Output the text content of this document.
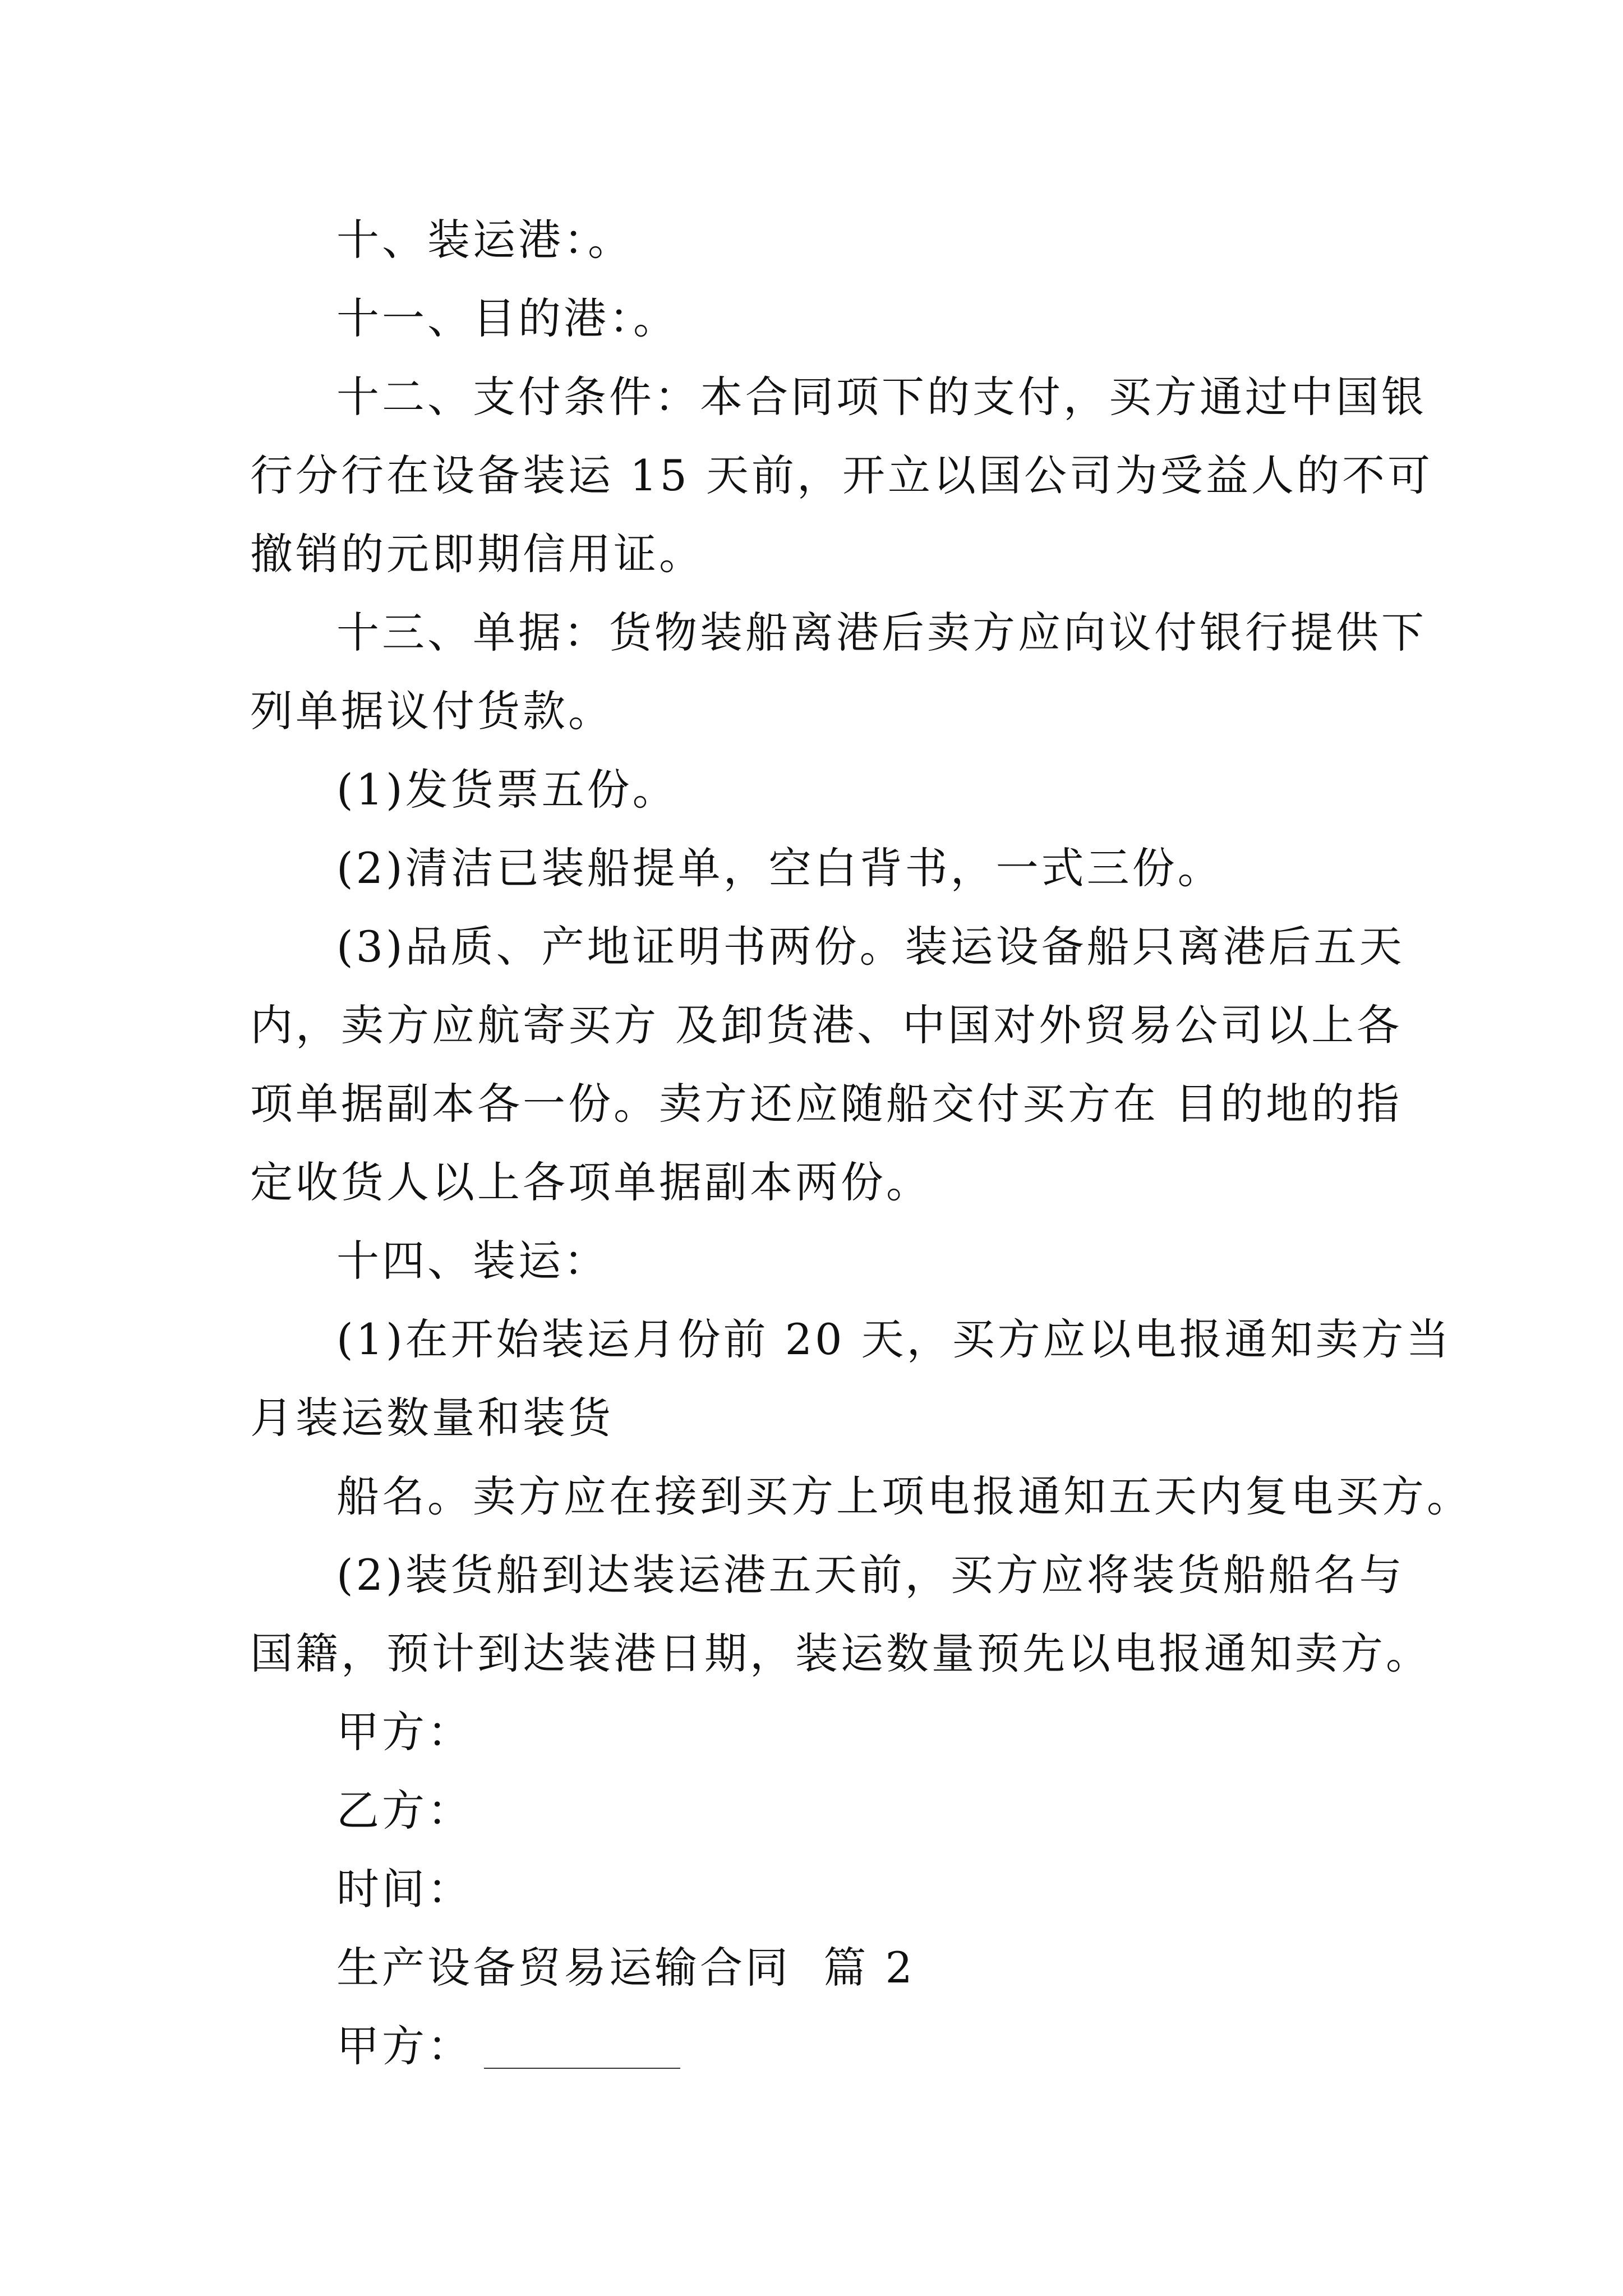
十、装运港：。
十一、目的港：。
十二、支付条件：本合同项下的支付，买方通过中国银
行分行在设备装运 15 天前，开立以国公司为受益人的不可
撤销的元即期信用证。
十三、单据：货物装船离港后卖方应向议付银行提供下
列单据议付货款。
(1)发货票五份。
(2)清洁已装船提单，空白背书，一式三份。
(3)品质、产地证明书两份。装运设备船只离港后五天
内，卖方应航寄买方 及卸货港、中国对外贸易公司以上各
项单据副本各一份。卖方还应随船交付买方在 目的地的指
定收货人以上各项单据副本两份。
十四、装运：
(1)在开始装运月份前 20 天，买方应以电报通知卖方当
月装运数量和装货
船名。卖方应在接到买方上项电报通知五天内复电买方。
(2)装货船到达装运港五天前，买方应将装货船船名与
国籍，预计到达装港日期，装运数量预先以电报通知卖方。
甲方：
乙方：
时间：
生产设备贸易运输合同  篇 2
甲方：
